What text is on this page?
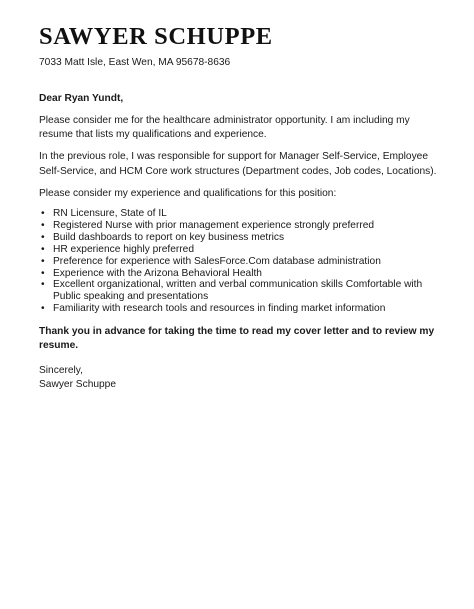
SAWYER SCHUPPE
7033 Matt Isle, East Wen, MA 95678-8636
Dear Ryan Yundt,

Please consider me for the healthcare administrator opportunity. I am including my resume that lists my qualifications and experience.

In the previous role, I was responsible for support for Manager Self-Service, Employee Self-Service, and HCM Core work structures (Department codes, Job codes, Locations).

Please consider my experience and qualifications for this position:

• RN Licensure, State of IL
• Registered Nurse with prior management experience strongly preferred
• Build dashboards to report on key business metrics
• HR experience highly preferred
• Preference for experience with SalesForce.Com database administration
• Experience with the Arizona Behavioral Health
• Excellent organizational, written and verbal communication skills Comfortable with Public speaking and presentations
• Familiarity with research tools and resources in finding market information

Thank you in advance for taking the time to read my cover letter and to review my resume.

Sincerely,
Sawyer Schuppe
